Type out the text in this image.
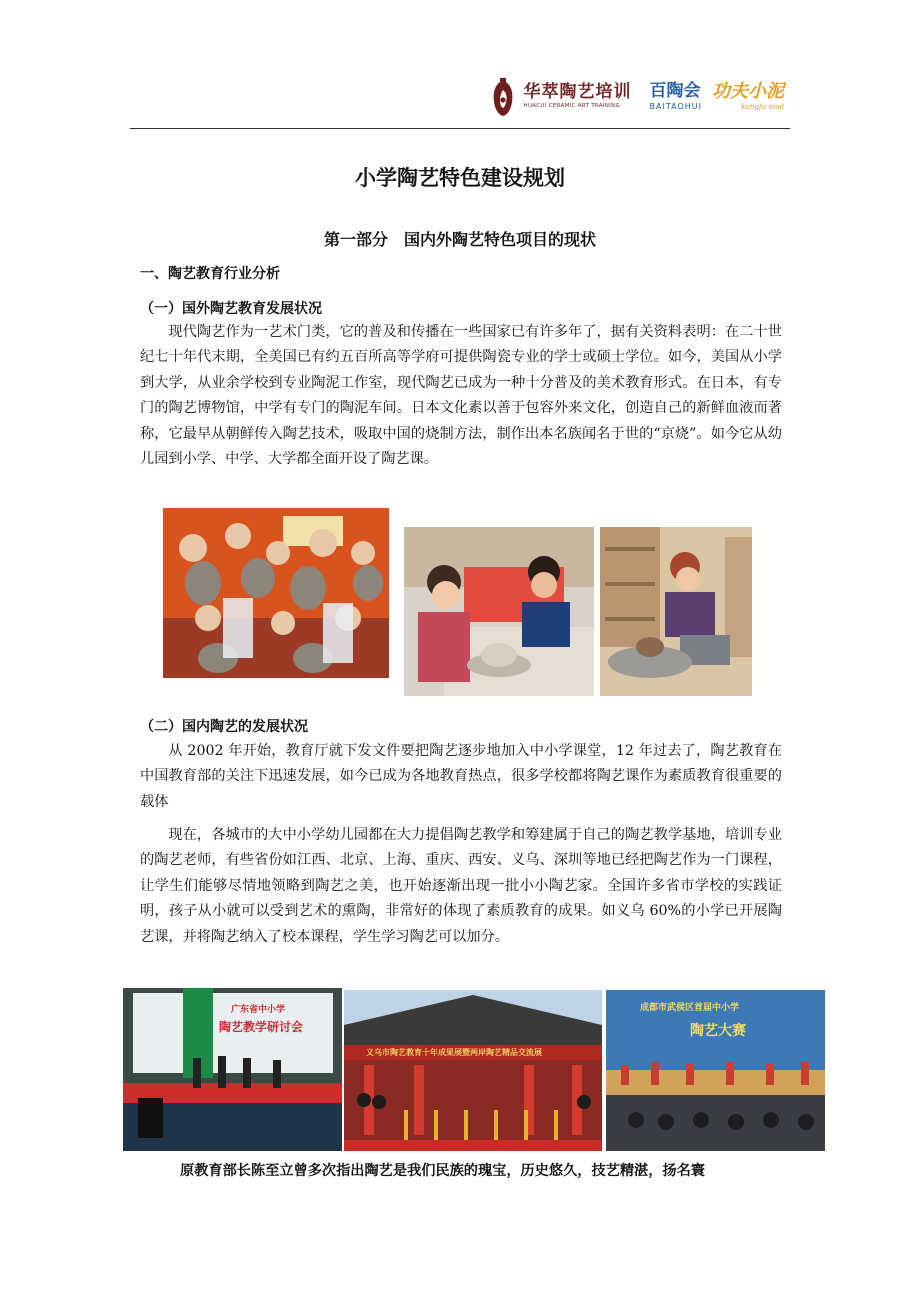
华萃陶艺培训
HUACUI CERAMIC ART TRAINING
百陶会
BAITAOHUI
功夫小泥
kungfu mud
小学陶艺特色建设规划
第一部分　国内外陶艺特色项目的现状
一、陶艺教育行业分析
（一）国外陶艺教育发展状况

现代陶艺作为一艺术门类，它的普及和传播在一些国家已有许多年了，据有关资料表明：在二十世纪七十年代末期，全美国已有约五百所高等学府可提供陶瓷专业的学士或硕士学位。如今，美国从小学到大学，从业余学校到专业陶泥工作室，现代陶艺已成为一种十分普及的美术教育形式。在日本，有专门的陶艺博物馆，中学有专门的陶泥车间。日本文化素以善于包容外来文化，创造自己的新鲜血液而著称，它最早从朝鲜传入陶艺技术，吸取中国的烧制方法，制作出本名族闻名于世的“京烧”。如今它从幼儿园到小学、中学、大学都全面开设了陶艺课。

（二）国内陶艺的发展状况

从 2002 年开始，教育厅就下发文件要把陶艺逐步地加入中小学课堂，12 年过去了，陶艺教育在中国教育部的关注下迅速发展，如今已成为各地教育热点，很多学校都将陶艺课作为素质教育很重要的载体

现在，各城市的大中小学幼儿园都在大力提倡陶艺教学和筹建属于自己的陶艺教学基地，培训专业的陶艺老师，有些省份如江西、北京、上海、重庆、西安、义乌、深圳等地已经把陶艺作为一门课程，让学生们能够尽情地领略到陶艺之美，也开始逐渐出现一批小小陶艺家。全国许多省市学校的实践证明，孩子从小就可以受到艺术的熏陶，非常好的体现了素质教育的成果。如义乌 60%的小学已开展陶艺课，并将陶艺纳入了校本课程，学生学习陶艺可以加分。

广东省中小学
陶艺教学研讨会
义乌市陶艺教育十年成果展暨两岸陶艺精品交流展
成都市武侯区首届中小学
陶艺大赛
原教育部长陈至立曾多次指出陶艺是我们民族的瑰宝，历史悠久，技艺精湛，扬名寰
